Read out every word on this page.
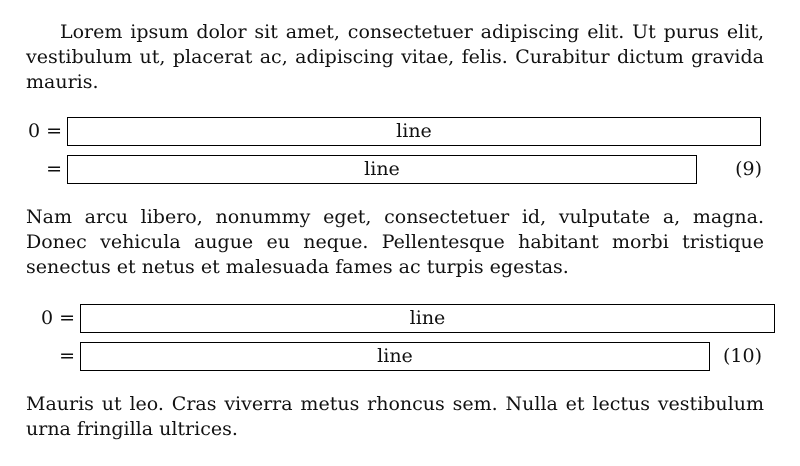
Lorem ipsum dolor sit amet, consectetuer adipiscing elit. Ut purus elit, vestibulum ut, placerat ac, adipiscing vitae, felis. Curabitur dictum gravida mauris.

0 =	line
=	line	(9)

Nam arcu libero, nonummy eget, consectetuer id, vulputate a, magna. Donec vehicula augue eu neque. Pellentesque habitant morbi tristique senectus et netus et malesuada fames ac turpis egestas.

0 =	line
=	line	(10)

Mauris ut leo. Cras viverra metus rhoncus sem. Nulla et lectus vestibulum urna fringilla ultrices.
